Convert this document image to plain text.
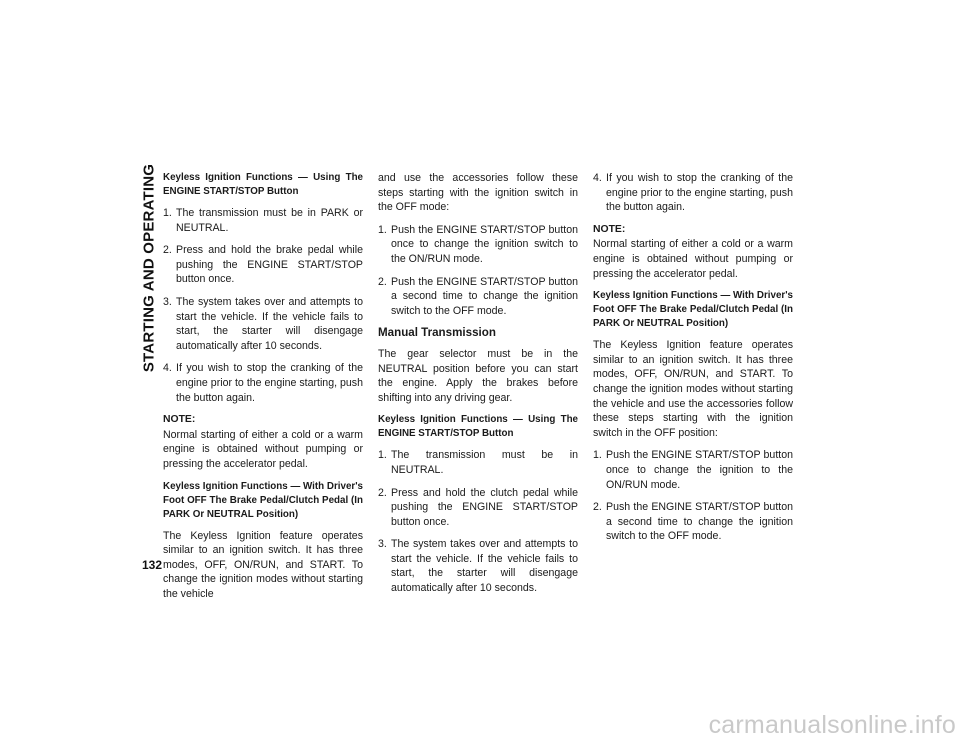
STARTING AND OPERATING
132

Keyless Ignition Functions — Using The ENGINE START/STOP Button

1. The transmission must be in PARK or NEUTRAL.
2. Press and hold the brake pedal while pushing the ENGINE START/STOP button once.
3. The system takes over and attempts to start the vehicle. If the vehicle fails to start, the starter will disengage automatically after 10 seconds.
4. If you wish to stop the cranking of the engine prior to the engine starting, push the button again.

NOTE:

Normal starting of either a cold or a warm engine is obtained without pumping or pressing the accelerator pedal.

Keyless Ignition Functions — With Driver's Foot OFF The Brake Pedal/Clutch Pedal (In PARK Or NEUTRAL Position)

The Keyless Ignition feature operates similar to an ignition switch. It has three modes, OFF, ON/RUN, and START. To change the ignition modes without starting the vehicle

and use the accessories follow these steps starting with the ignition switch in the OFF mode:

1. Push the ENGINE START/STOP button once to change the ignition switch to the ON/RUN mode.
2. Push the ENGINE START/STOP button a second time to change the ignition switch to the OFF mode.

Manual Transmission

The gear selector must be in the NEUTRAL position before you can start the engine. Apply the brakes before shifting into any driving gear.

Keyless Ignition Functions — Using The ENGINE START/STOP Button

1. The transmission must be in NEUTRAL.
2. Press and hold the clutch pedal while pushing the ENGINE START/STOP button once.
3. The system takes over and attempts to start the vehicle. If the vehicle fails to start, the starter will disengage automatically after 10 seconds.
4. If you wish to stop the cranking of the engine prior to the engine starting, push the button again.

NOTE:

Normal starting of either a cold or a warm engine is obtained without pumping or pressing the accelerator pedal.

Keyless Ignition Functions — With Driver's Foot OFF The Brake Pedal/Clutch Pedal (In PARK Or NEUTRAL Position)

The Keyless Ignition feature operates similar to an ignition switch. It has three modes, OFF, ON/RUN, and START. To change the ignition modes without starting the vehicle and use the accessories follow these steps starting with the ignition switch in the OFF position:

1. Push the ENGINE START/STOP button once to change the ignition to the ON/RUN mode.
2. Push the ENGINE START/STOP button a second time to change the ignition switch to the OFF mode.
carmanualsonline.info
